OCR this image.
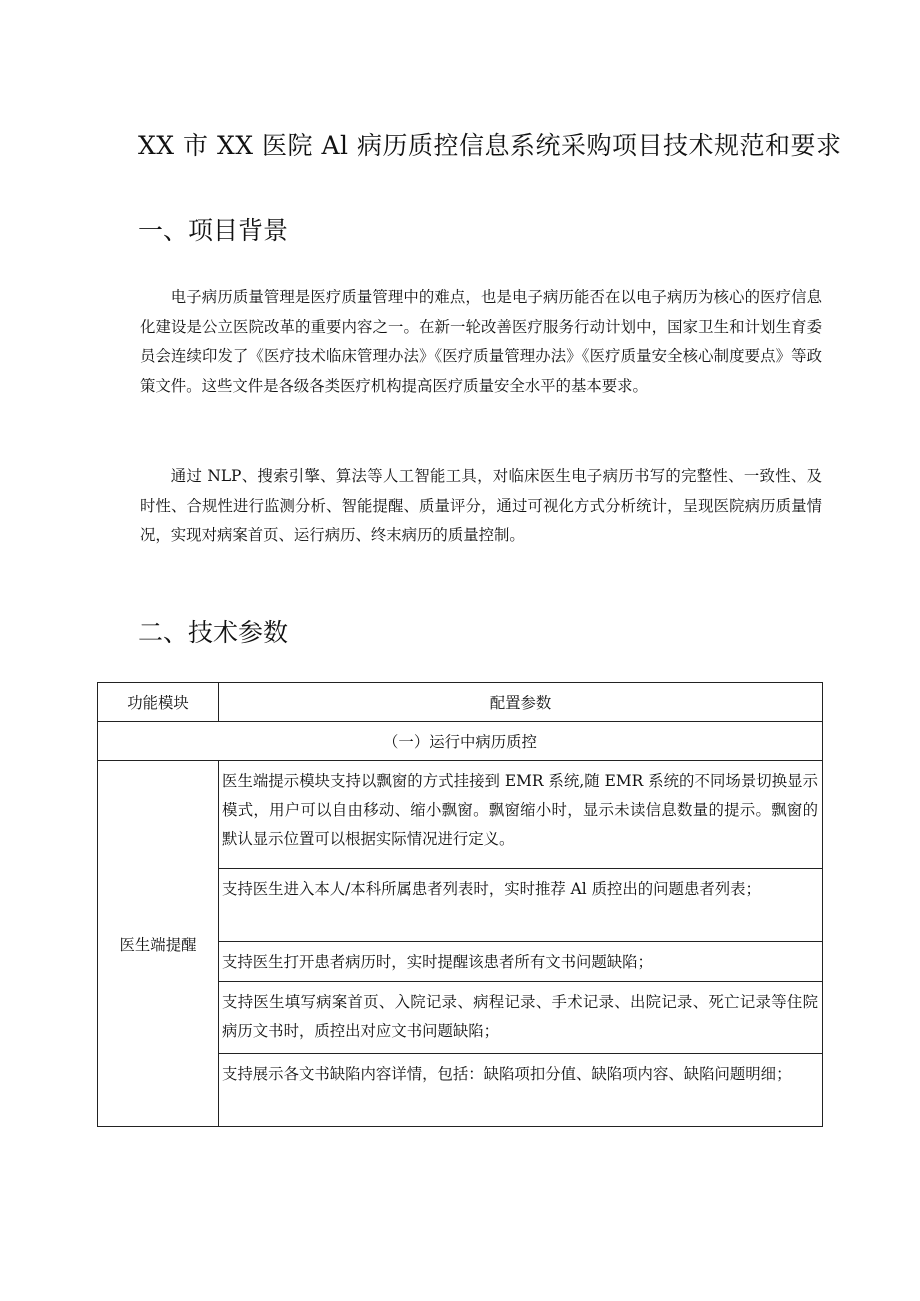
XX 市 XX 医院 Al 病历质控信息系统采购项目技术规范和要求
一、项目背景

电子病历质量管理是医疗质量管理中的难点，也是电子病历能否在以电子病历为核心的医疗信息化建设是公立医院改革的重要内容之一。在新一轮改善医疗服务行动计划中，国家卫生和计划生育委员会连续印发了《医疗技术临床管理办法》《医疗质量管理办法》《医疗质量安全核心制度要点》等政策文件。这些文件是各级各类医疗机构提高医疗质量安全水平的基本要求。

通过 NLP、搜索引擎、算法等人工智能工具，对临床医生电子病历书写的完整性、一致性、及时性、合规性进行监测分析、智能提醒、质量评分，通过可视化方式分析统计，呈现医院病历质量情况，实现对病案首页、运行病历、终末病历的质量控制。

二、技术参数
功能模块	配置参数
（一）运行中病历质控	
医生端提醒	医生端提示模块支持以飘窗的方式挂接到 EMR 系统,随 EMR 系统的不同场景切换显示模式，用户可以自由移动、缩小飘窗。飘窗缩小时，显示未读信息数量的提示。飘窗的默认显示位置可以根据实际情况进行定义。
	支持医生进入本人/本科所属患者列表时，实时推荐 Al 质控出的问题患者列表；
	支持医生打开患者病历时，实时提醒该患者所有文书问题缺陷；
	支持医生填写病案首页、入院记录、病程记录、手术记录、出院记录、死亡记录等住院病历文书时，质控出对应文书问题缺陷；
	支持展示各文书缺陷内容详情，包括：缺陷项扣分值、缺陷项内容、缺陷问题明细；
